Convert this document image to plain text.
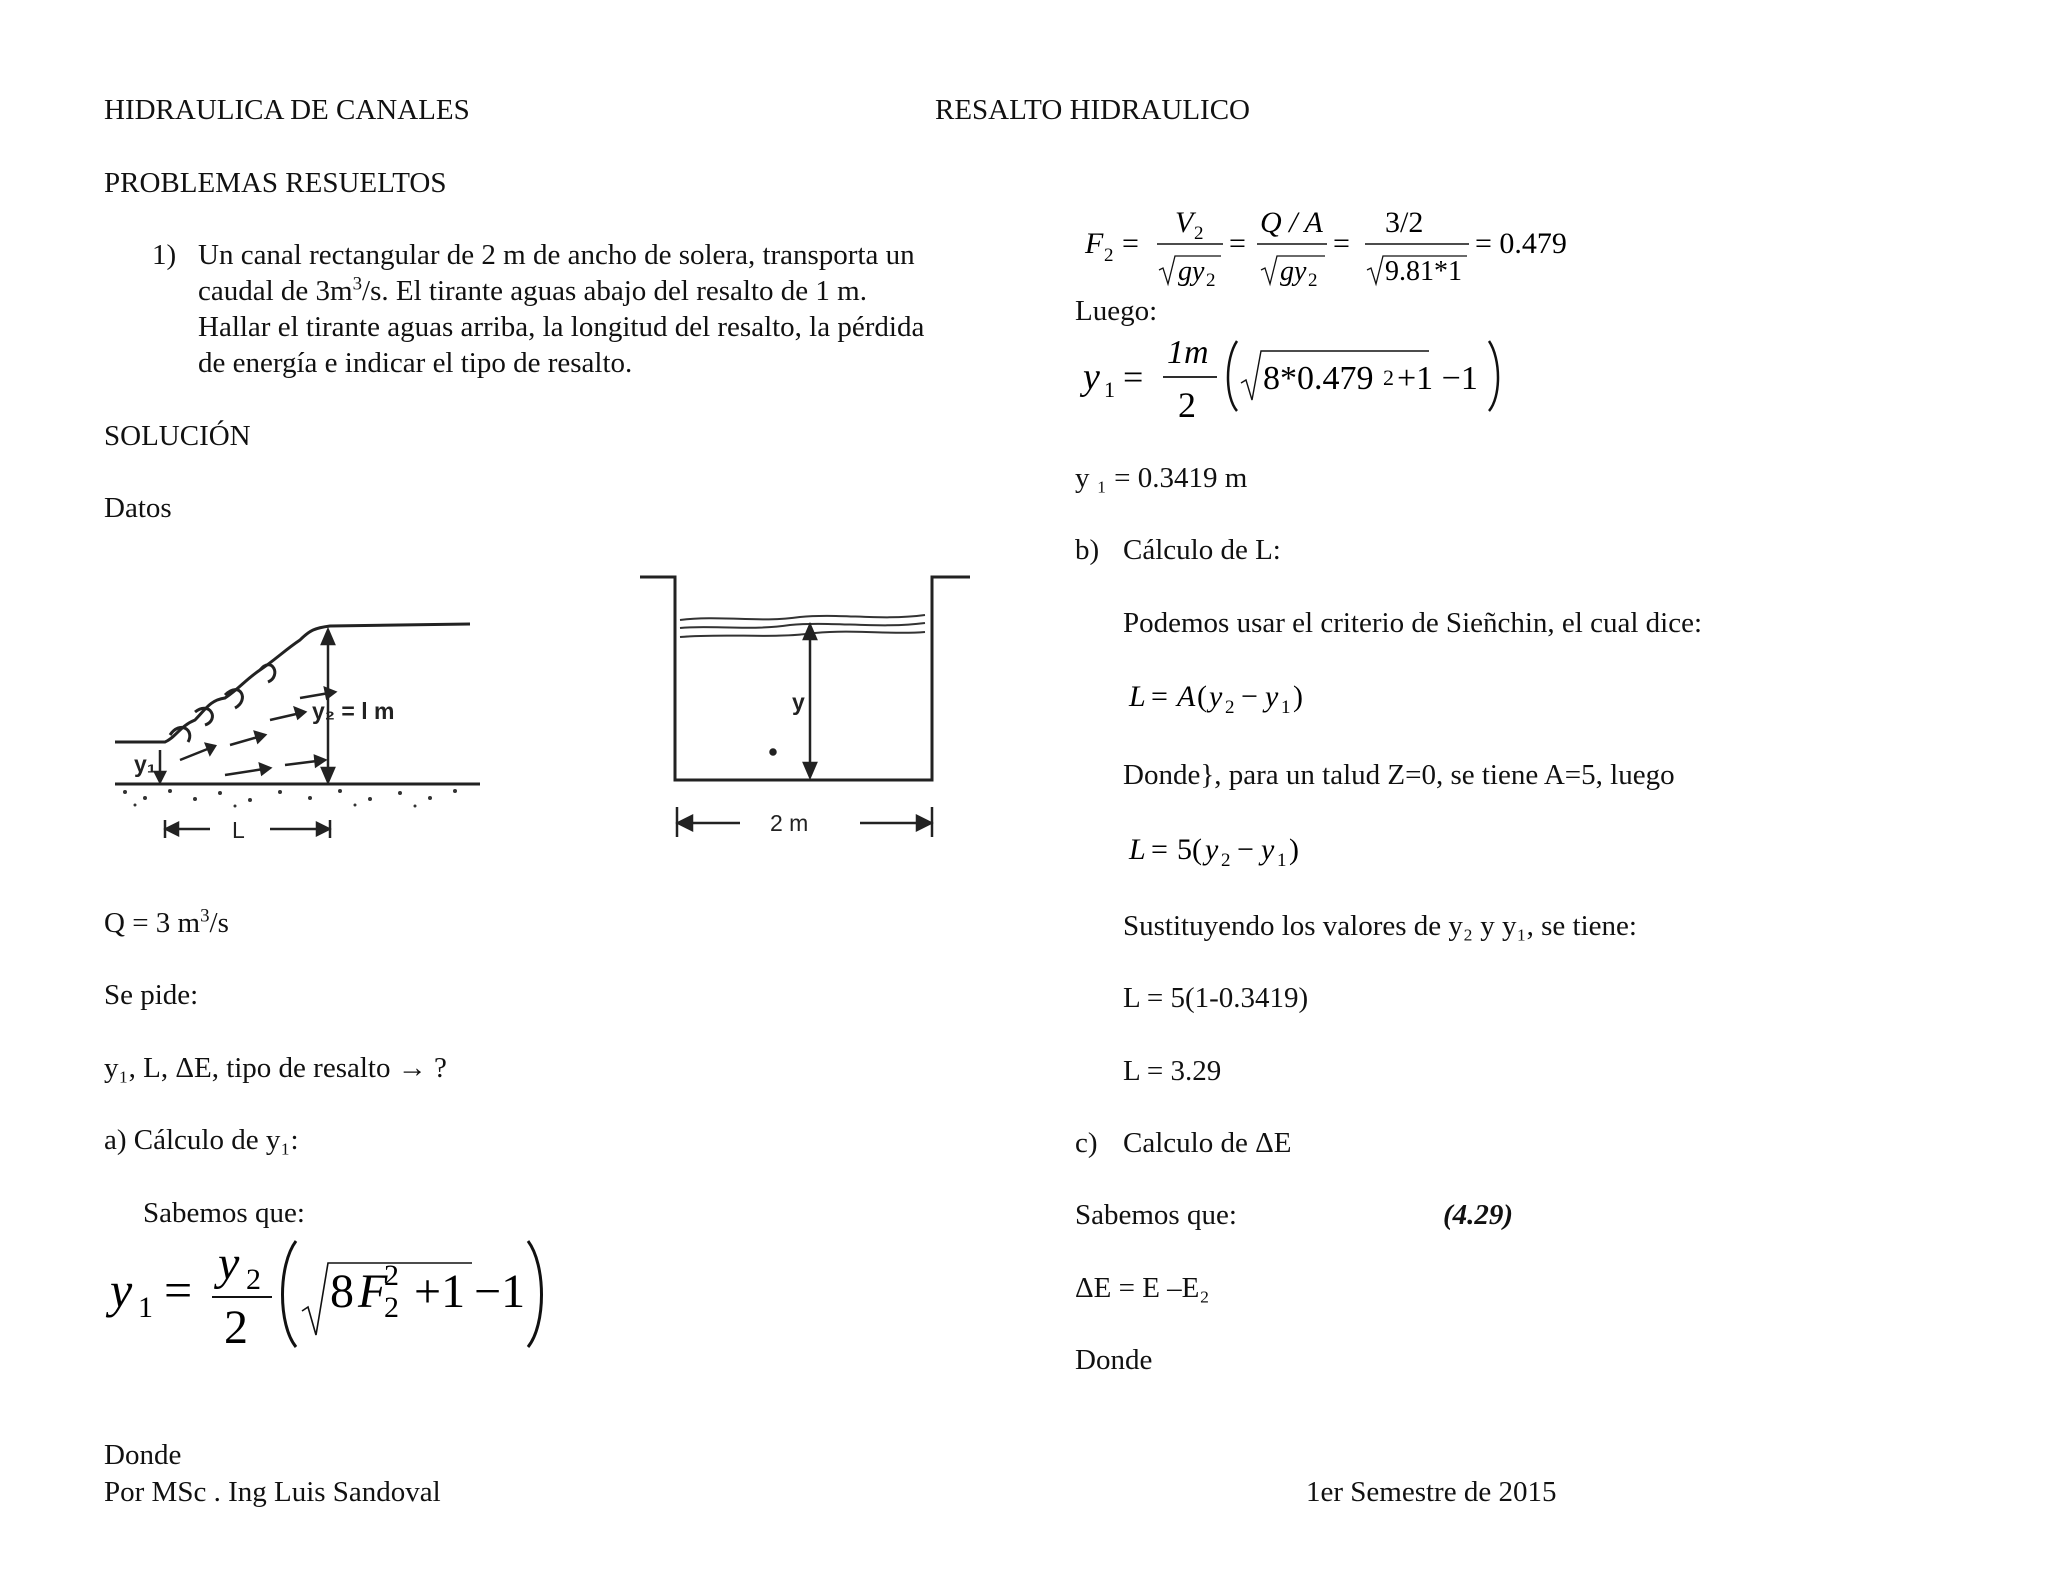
HIDRAULICA DE CANALES	RESALTO HIDRAULICO
PROBLEMAS RESUELTOS
1) Un canal rectangular de 2 m de ancho de solera, transporta un
caudal de $3m^3/s$. El tirante aguas abajo del resalto de 1 m.
Hallar el tirante aguas arriba, la longitud del resalto, la pérdida
de energía e indicar el tipo de resalto.
SOLUCIÓN
Datos
y₂ = l m
y₁
L
y
2 m
Q = 3 $m^3/s$
Se pide:
y₁, L, ΔE, tipo de resalto → ?
a) Cálculo de y₁:
Sabemos que:
y 1 = y 2
2
8 F
2
2 +1 −1
Donde
F 2 =
V 2
gy 2
=
Q / A
gy 2
=
3/2
9.81*1
= 0.479
Luego:
y 1 =
1m
2
8*0.479 2 +1 −1
y ₁ = 0.3419 m
b) Cálculo de L:
Podemos usar el criterio de Sieñchin, el cual dice:
L = A ( y 2 − y 1 )
Donde}, para un talud Z=0, se tiene A=5, luego
L = 5( y 2 − y 1 )
Sustituyendo los valores de y₂ y y₁, se tiene:
L = 5(1-0.3419)
L = 3.29
c) Calculo de ΔE
Sabemos que:	(4.29)
ΔE = E –E₂
Donde
Por MSc . Ing Luis Sandoval	1er Semestre de 2015
